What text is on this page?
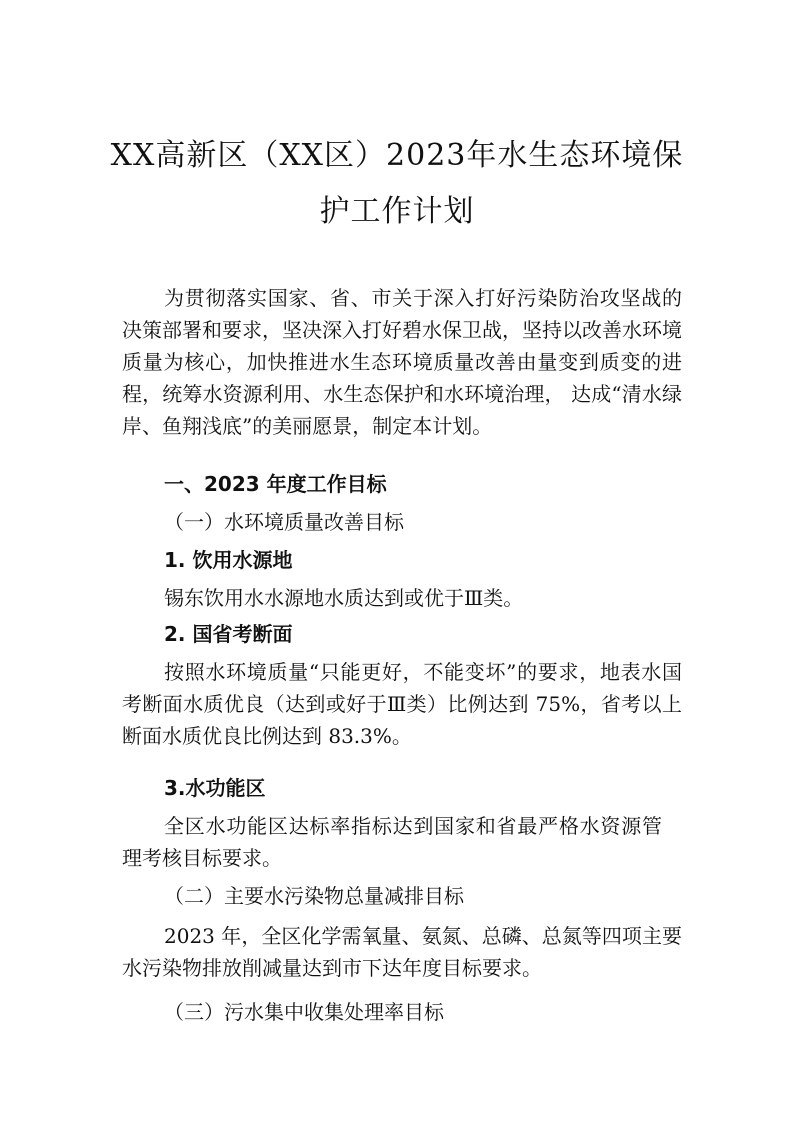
XX高新区（XX区）2023年水生态环境保
护工作计划

为贯彻落实国家、省、市关于深入打好污染防治攻坚战的决策部署和要求，坚决深入打好碧水保卫战，坚持以改善水环境质量为核心，加快推进水生态环境质量改善由量变到质变的进程，统筹水资源利用、水生态保护和水环境治理， 达成“清水绿岸、鱼翔浅底”的美丽愿景，制定本计划。

一、2023 年度工作目标
（一）水环境质量改善目标
1. 饮用水源地
锡东饮用水水源地水质达到或优于Ⅲ类。
2. 国省考断面

按照水环境质量“只能更好，不能变坏”的要求，地表水国考断面水质优良（达到或好于Ⅲ类）比例达到 75%，省考以上断面水质优良比例达到 83.3%。

3.水功能区

全区水功能区达标率指标达到国家和省最严格水资源管理考核目标要求。

（二）主要水污染物总量减排目标

2023 年，全区化学需氧量、氨氮、总磷、总氮等四项主要水污染物排放削减量达到市下达年度目标要求。

（三）污水集中收集处理率目标
